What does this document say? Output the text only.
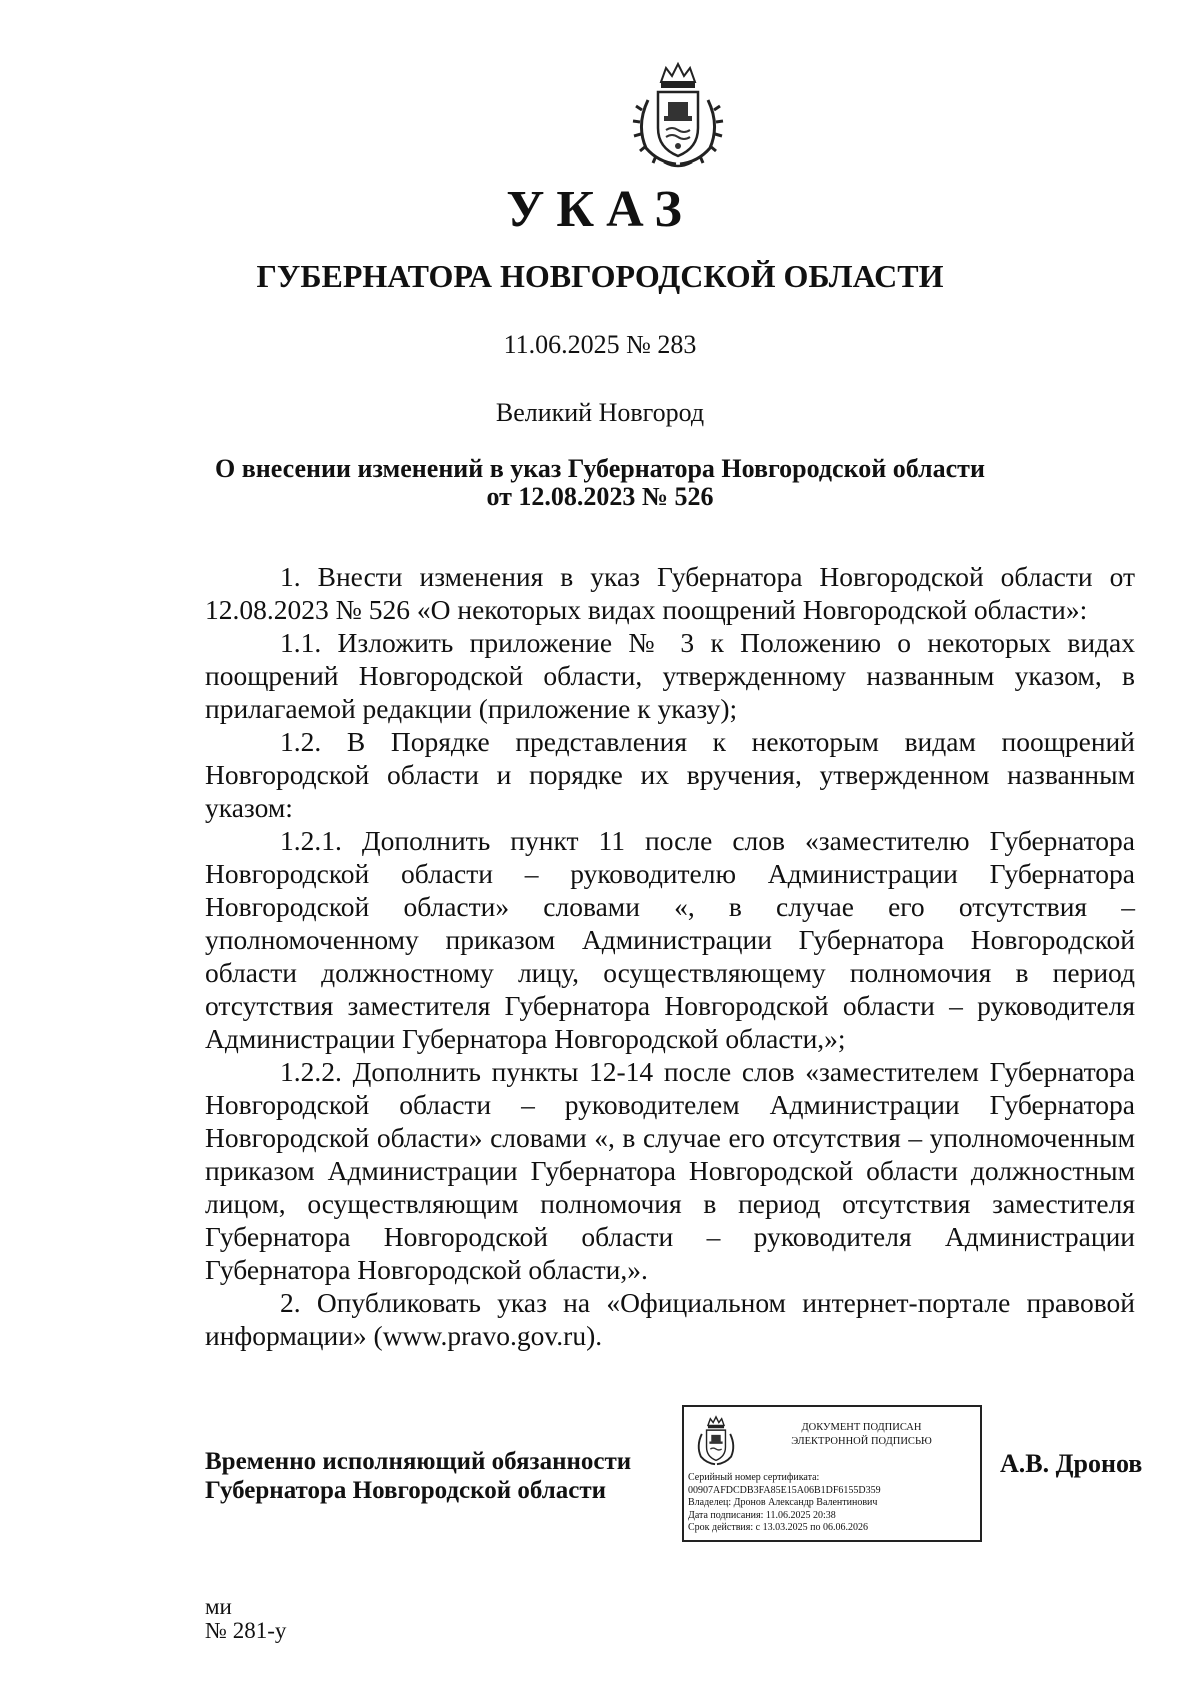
УКАЗ
ГУБЕРНАТОРА НОВГОРОДСКОЙ ОБЛАСТИ
11.06.2025 № 283
Великий Новгород
О внесении изменений в указ Губернатора Новгородской области
от 12.08.2023 № 526

1. Внести изменения в указ Губернатора Новгородской области от 12.08.2023 № 526 «О некоторых видах поощрений Новгородской области»:

1.1. Изложить приложение № 3 к Положению о некоторых видах поощрений Новгородской области, утвержденному названным указом, в прилагаемой редакции (приложение к указу);

1.2. В Порядке представления к некоторым видам поощрений Новгородской области и порядке их вручения, утвержденном названным указом:

1.2.1. Дополнить пункт 11 после слов «заместителю Губернатора Новгородской области – руководителю Администрации Губернатора Новгородской области» словами «, в случае его отсутствия – уполномоченному приказом Администрации Губернатора Новгородской области должностному лицу, осуществляющему полномочия в период отсутствия заместителя Губернатора Новгородской области – руководителя Администрации Губернатора Новгородской области,»;

1.2.2. Дополнить пункты 12-14 после слов «заместителем Губернатора Новгородской области – руководителем Администрации Губернатора Новгородской области» словами «, в случае его отсутствия – уполномоченным приказом Администрации Губернатора Новгородской области должностным лицом, осуществляющим полномочия в период отсутствия заместителя Губернатора Новгородской области – руководителя Администрации Губернатора Новгородской области,».

2. Опубликовать указ на «Официальном интернет-портале правовой информации» (www.pravo.gov.ru).

Временно исполняющий обязанности
Губернатора Новгородской области
ДОКУМЕНТ ПОДПИСАН
ЭЛЕКТРОННОЙ ПОДПИСЬЮ
Серийный номер сертификата:
00907AFDCDB3FA85E15A06B1DF6155D359
Владелец: Дронов Александр Валентинович
Дата подписания: 11.06.2025 20:38
Срок действия: с 13.03.2025 по 06.06.2026
А.В. Дронов
ми
№ 281-у
